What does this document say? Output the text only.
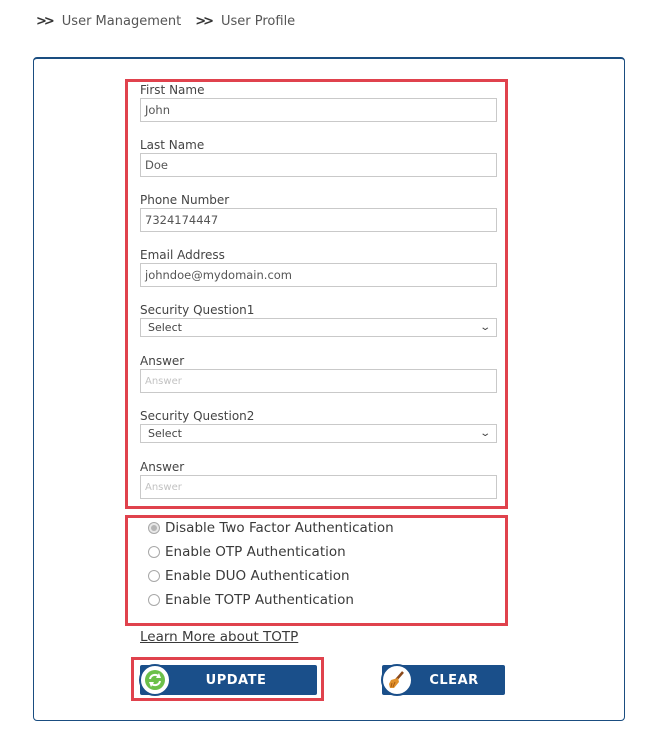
>> User Management >> User Profile
First Name
John
Last Name
Doe
Phone Number
7324174447
Email Address
johndoe@mydomain.com
Security Question1
Select	⌄
Answer
Answer
Security Question2
Select	⌄
Answer
Answer
Disable Two Factor Authentication
Enable OTP Authentication
Enable DUO Authentication
Enable TOTP Authentication
Learn More about TOTP
UPDATE	CLEAR
